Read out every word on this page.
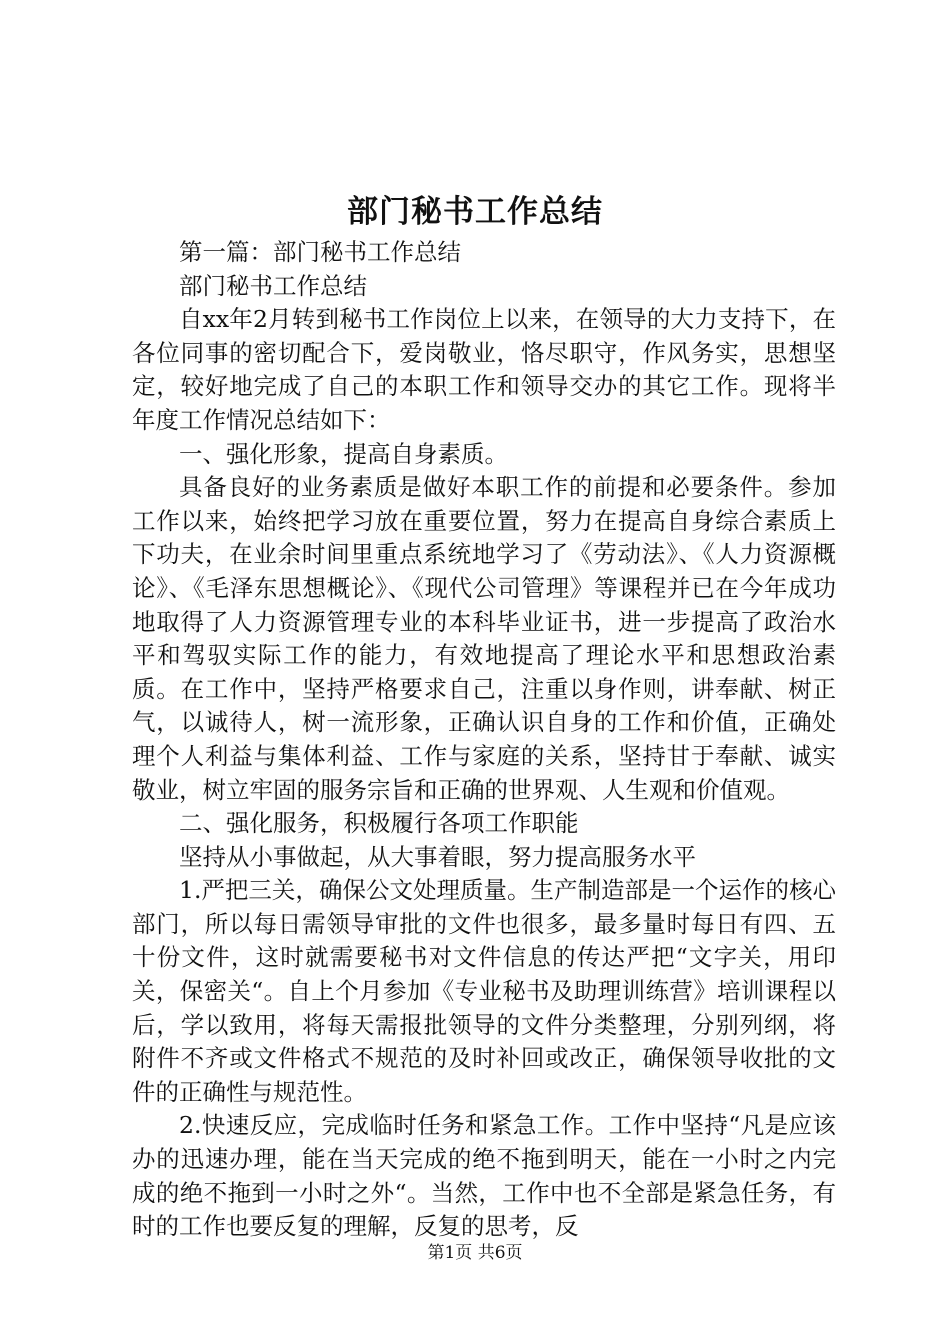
部门秘书工作总结

第一篇：部门秘书工作总结

部门秘书工作总结

自xx年2月转到秘书工作岗位上以来，在领导的大力支持下，在各位同事的密切配合下，爱岗敬业，恪尽职守，作风务实，思想坚定，较好地完成了自己的本职工作和领导交办的其它工作。现将半年度工作情况总结如下：

一、强化形象，提高自身素质。

具备良好的业务素质是做好本职工作的前提和必要条件。参加工作以来，始终把学习放在重要位置，努力在提高自身综合素质上下功夫，在业余时间里重点系统地学习了《劳动法》、《人力资源概论》、《毛泽东思想概论》、《现代公司管理》等课程并已在今年成功地取得了人力资源管理专业的本科毕业证书，进一步提高了政治水平和驾驭实际工作的能力，有效地提高了理论水平和思想政治素质。在工作中，坚持严格要求自己，注重以身作则，讲奉献、树正气，以诚待人，树一流形象，正确认识自身的工作和价值，正确处理个人利益与集体利益、工作与家庭的关系，坚持甘于奉献、诚实敬业，树立牢固的服务宗旨和正确的世界观、人生观和价值观。

二、强化服务，积极履行各项工作职能

坚持从小事做起，从大事着眼，努力提高服务水平

1.严把三关，确保公文处理质量。生产制造部是一个运作的核心部门，所以每日需领导审批的文件也很多，最多量时每日有四、五十份文件，这时就需要秘书对文件信息的传达严把“文字关，用印关，保密关“。自上个月参加《专业秘书及助理训练营》培训课程以后，学以致用，将每天需报批领导的文件分类整理，分别列纲，将附件不齐或文件格式不规范的及时补回或改正，确保领导收批的文件的正确性与规范性。

2.快速反应，完成临时任务和紧急工作。工作中坚持“凡是应该办的迅速办理，能在当天完成的绝不拖到明天，能在一小时之内完成的绝不拖到一小时之外“。当然，工作中也不全部是紧急任务，有时的工作也要反复的理解，反复的思考，反

第1页 共6页
